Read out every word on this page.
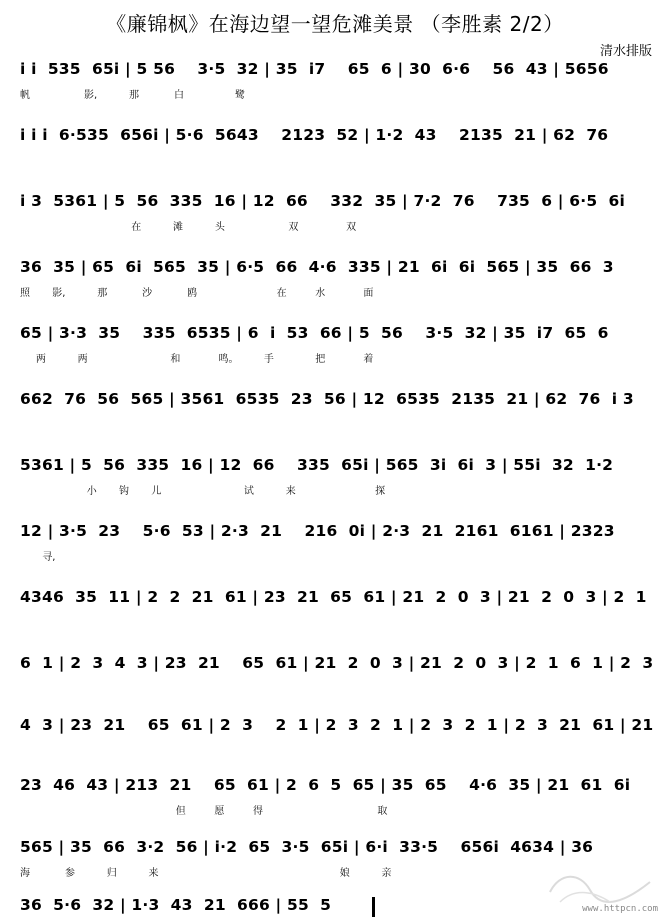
《廉锦枫》在海边望一望危滩美景 （李胜素 2/2）
清水排版
i i  535  65i | 5 56    3·5  32 | 35  i7    65  6 | 30  6·6    56  43 | 5656
帆                 影,          那           白                鹭
i i i  6·535  656i | 5·6  5643    2123  52 | 1·2  43    2135  21 | 62  76
i 3  5361 | 5  56  335  16 | 12  66    332  35 | 7·2  76    735  6 | 6·5  6i
在          滩          头                    双               双
36  35 | 65  6i  565  35 | 6·5  66  4·6  335 | 21  6i  6i  565 | 35  66  3
照       影,          那           沙           鸥                         在         水            面
65 | 3·3  35    335  6535 | 6  i  53  66 | 5  56    3·5  32 | 35  i7  65  6
两          两                          和            鸣。        手             把            着
662  76  56  565 | 3561  6535  23  56 | 12  6535  2135  21 | 62  76  i 3
5361 | 5  56  335  16 | 12  66    335  65i | 565  3i  6i  3 | 55i  32  1·2
小       钩       儿                          试          来                         探
12 | 3·5  23    5·6  53 | 2·3  21    216  0i | 2·3  21  2161  6161 | 2323
寻,
4346  35  11 | 2  2  21  61 | 23  21  65  61 | 21  2  0  3 | 21  2  0  3 | 2  1
6  1 | 2  3  4  3 | 23  21    65  61 | 21  2  0  3 | 21  2  0  3 | 2  1  6  1 | 2  3
4  3 | 23  21    65  61 | 2  3    2  1 | 2  3  2  1 | 2  3  2  1 | 2  3  21  61 | 21
23  46  43 | 213  21    65  61 | 2  6  5  65 | 35  65    4·6  35 | 21  61  6i
但         愿         得                                    取
565 | 35  66  3·2  56 | i·2  65  3·5  65i | 6·i  33·5    656i  4634 | 36
海           参          归          来                                                         娘          亲
36  5·6  32 | 1·3  43  21  666 | 55  5	www.httpcn.com
